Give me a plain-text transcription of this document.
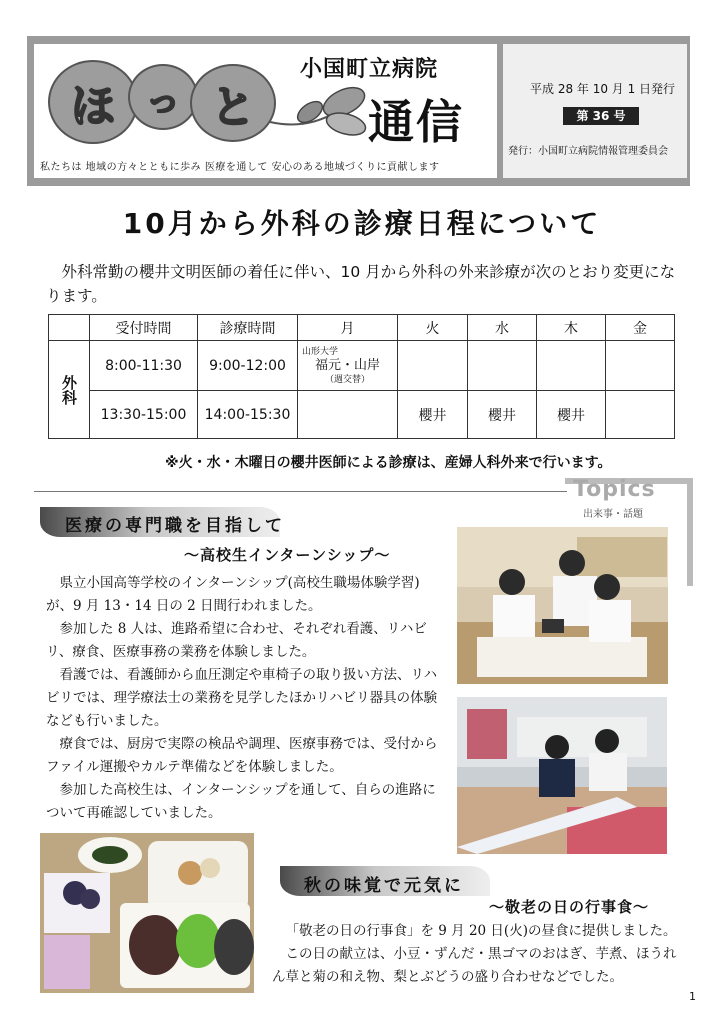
ほ っ と
小国町立病院
通信
私たちは 地域の方々とともに歩み 医療を通して 安心のある地域づくりに貢献します
平成 28 年 10 月 1 日発行
第 36 号
発行：小国町立病院情報管理委員会
10月から外科の診療日程について
外科常勤の櫻井文明医師の着任に伴い、10 月から外科の外来診療が次のとおり変更になります。
	受付時間	診療時間	月	火	水	木	金
外科	8:00-11:30	9:00-12:00	山形大学
福元・山岸
（週交替）				

	13:30-15:00	14:00-15:30		櫻井	櫻井	櫻井	
※火・水・木曜日の櫻井医師による診療は、産婦人科外来で行います。
Topics
出来事・話題
医療の専門職を目指して
～高校生インターンシップ～

県立小国高等学校のインターンシップ(高校生職場体験学習)が、9 月 13・14 日の 2 日間行われました。

参加した 8 人は、進路希望に合わせ、それぞれ看護、リハビリ、療食、医療事務の業務を体験しました。

看護では、看護師から血圧測定や車椅子の取り扱い方法、リハビリでは、理学療法士の業務を見学したほかリハビリ器具の体験なども行いました。

療食では、厨房で実際の検品や調理、医療事務では、受付からファイル運搬やカルテ準備などを体験しました。

参加した高校生は、インターンシップを通して、自らの進路について再確認していました。

秋の味覚で元気に
～敬老の日の行事食～

「敬老の日の行事食」を 9 月 20 日(火)の昼食に提供しました。

この日の献立は、小豆・ずんだ・黒ゴマのおはぎ、芋煮、ほうれん草と菊の和え物、梨とぶどうの盛り合わせなどでした。

1
